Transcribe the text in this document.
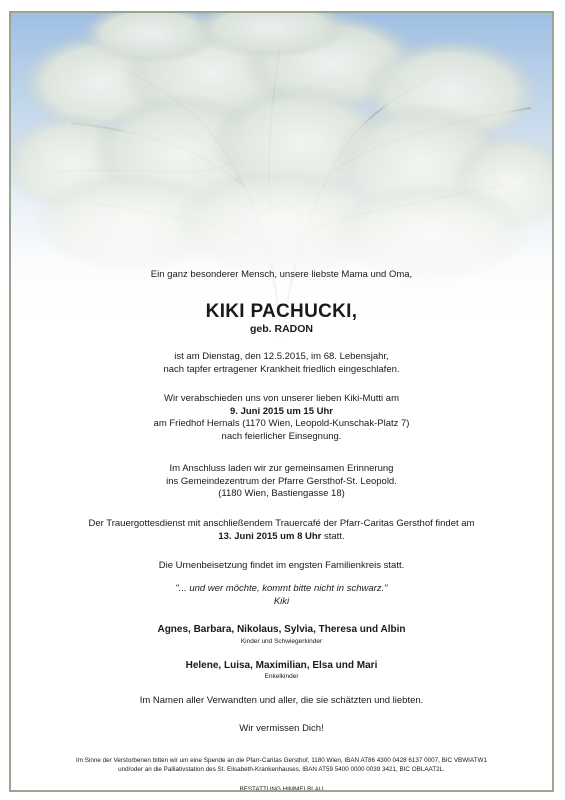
Ein ganz besonderer Mensch, unsere liebste Mama und Oma,
KIKI PACHUCKI,
geb. RADON
ist am Dienstag, den 12.5.2015, im 68. Lebensjahr,
nach tapfer ertragener Krankheit friedlich eingeschlafen.
Wir verabschieden uns von unserer lieben Kiki-Mutti am
9. Juni 2015 um 15 Uhr
am Friedhof Hernals (1170 Wien, Leopold-Kunschak-Platz 7)
nach feierlicher Einsegnung.
Im Anschluss laden wir zur gemeinsamen Erinnerung
ins Gemeindezentrum der Pfarre Gersthof-St. Leopold.
(1180 Wien, Bastiengasse 18)
Der Trauergottesdienst mit anschließendem Trauercafé der Pfarr-Caritas Gersthof findet am
13. Juni 2015 um 8 Uhr statt.
Die Urnenbeisetzung findet im engsten Familienkreis statt.
"... und wer möchte, kommt bitte nicht in schwarz."
Kiki
Agnes, Barbara, Nikolaus, Sylvia, Theresa und Albin
Kinder und Schwiegerkinder
Helene, Luisa, Maximilian, Elsa und Mari
Enkelkinder
Im Namen aller Verwandten und aller, die sie schätzten und liebten.
Wir vermissen Dich!
Im Sinne der Verstorbenen bitten wir um eine Spende an die Pfarr-Caritas Gersthof, 1180 Wien, IBAN AT86 4300 0428 6137 0007, BIC VBWIATW1
und/oder an die Palliativstation des St. Elisabeth-Krankenhauses, IBAN AT59 5400 0000 0039 3421, BIC OBLAAT2L.
BESTATTUNG HIMMELBLAU
